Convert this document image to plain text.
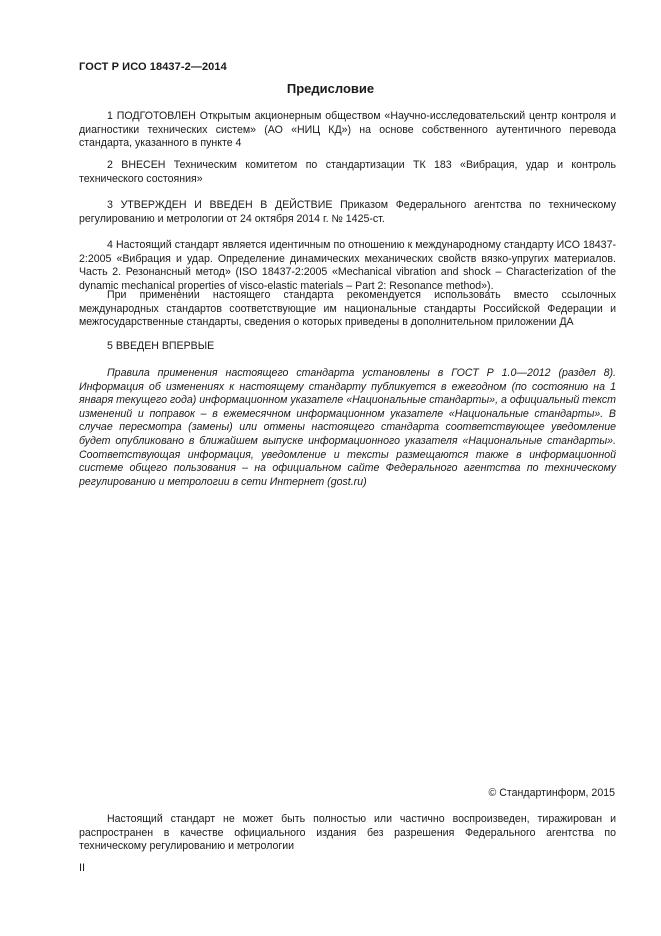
ГОСТ Р ИСО 18437-2—2014
Предисловие

1 ПОДГОТОВЛЕН Открытым акционерным обществом «Научно-исследовательский центр контроля и диагностики технических систем» (АО «НИЦ КД») на основе собственного аутентичного перевода стандарта, указанного в пункте 4

2 ВНЕСЕН Техническим комитетом по стандартизации ТК 183 «Вибрация, удар и контроль технического состояния»

3 УТВЕРЖДЕН И ВВЕДЕН В ДЕЙСТВИЕ Приказом Федерального агентства по техническому регулированию и метрологии от 24 октября 2014 г. № 1425-ст.

4 Настоящий стандарт является идентичным по отношению к международному стандарту ИСО 18437-2:2005 «Вибрация и удар. Определение динамических механических свойств вязко-упругих материалов. Часть 2. Резонансный метод» (ISO 18437-2:2005 «Mechanical vibration and shock – Characterization of the dynamic mechanical properties of visco-elastic materials – Part 2: Resonance method»).

При применении настоящего стандарта рекомендуется использовать вместо ссылочных международных стандартов соответствующие им национальные стандарты Российской Федерации и межгосударственные стандарты, сведения о которых приведены в дополнительном приложении ДА

5 ВВЕДЕН ВПЕРВЫЕ

Правила применения настоящего стандарта установлены в ГОСТ Р 1.0—2012 (раздел 8). Информация об изменениях к настоящему стандарту публикуется в ежегодном (по состоянию на 1 января текущего года) информационном указателе «Национальные стандарты», а официальный текст изменений и поправок – в ежемесячном информационном указателе «Национальные стандарты». В случае пересмотра (замены) или отмены настоящего стандарта соответствующее уведомление будет опубликовано в ближайшем выпуске информационного указателя «Национальные стандарты». Соответствующая информация, уведомление и тексты размещаются также в информационной системе общего пользования – на официальном сайте Федерального агентства по техническому регулированию и метрологии в сети Интернет (gost.ru)

© Стандартинформ, 2015

Настоящий стандарт не может быть полностью или частично воспроизведен, тиражирован и распространен в качестве официального издания без разрешения Федерального агентства по техническому регулированию и метрологии

II
